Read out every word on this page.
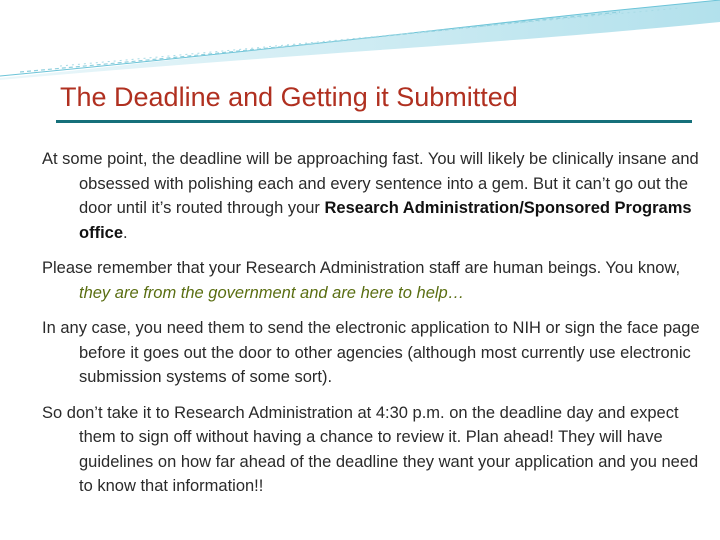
The Deadline and Getting it Submitted

At some point, the deadline will be approaching fast. You will likely be clinically insane and obsessed with polishing each and every sentence into a gem. But it can’t go out the door until it’s routed through your Research Administration/Sponsored Programs office.

Please remember that your Research Administration staff are human beings. You know, they are from the government and are here to help…

In any case, you need them to send the electronic application to NIH or sign the face page before it goes out the door to other agencies (although most currently use electronic submission systems of some sort).

So don’t take it to Research Administration at 4:30 p.m. on the deadline day and expect them to sign off without having a chance to review it. Plan ahead! They will have guidelines on how far ahead of the deadline they want your application and you need to know that information!!
